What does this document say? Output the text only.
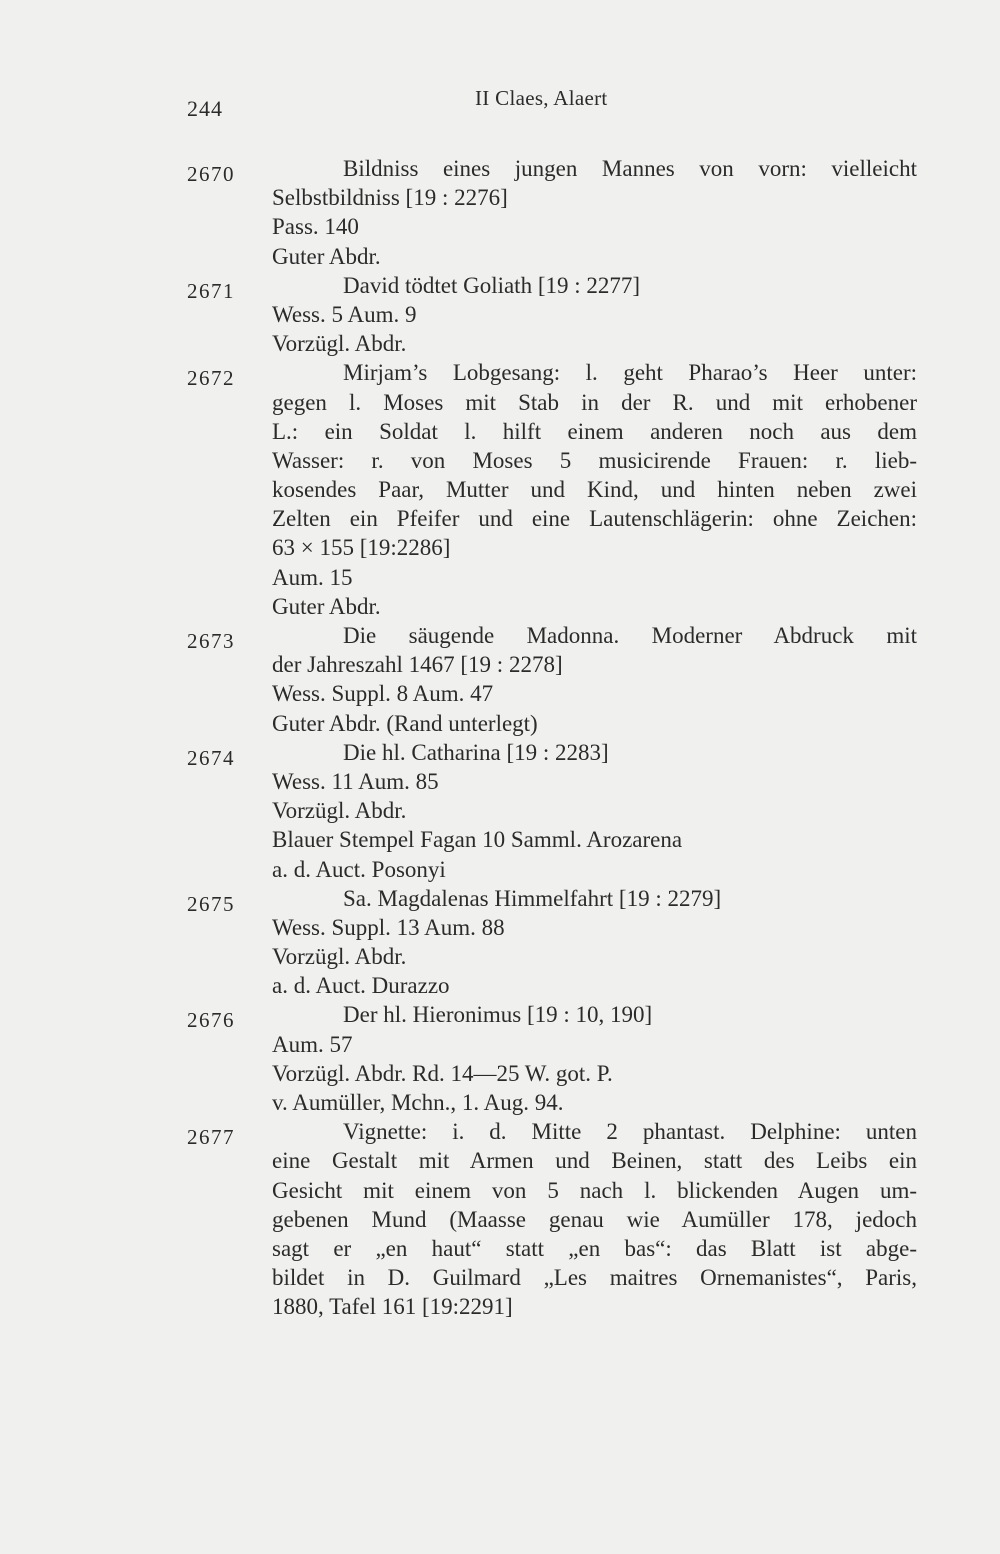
244	II Claes, Alaert
2670	Bildniss eines jungen Mannes von vorn: vielleicht
Selbstbildniss [19 : 2276]
Pass. 140
Guter Abdr.
2671	David tödtet Goliath [19 : 2277]
Wess. 5 Aum. 9
Vorzügl. Abdr.
2672	Mirjam’s Lobgesang: l. geht Pharao’s Heer unter:
gegen l. Moses mit Stab in der R. und mit erhobener
L.: ein Soldat l. hilft einem anderen noch aus dem
Wasser: r. von Moses 5 musicirende Frauen: r. lieb-
kosendes Paar, Mutter und Kind, und hinten neben zwei
Zelten ein Pfeifer und eine Lautenschlägerin: ohne Zeichen:
63 × 155 [19:2286]
Aum. 15
Guter Abdr.
2673	Die säugende Madonna. Moderner Abdruck mit
der Jahreszahl 1467 [19 : 2278]
Wess. Suppl. 8 Aum. 47
Guter Abdr. (Rand unterlegt)
2674	Die hl. Catharina [19 : 2283]
Wess. 11 Aum. 85
Vorzügl. Abdr.
Blauer Stempel Fagan 10 Samml. Arozarena
a. d. Auct. Posonyi
2675	Sa. Magdalenas Himmelfahrt [19 : 2279]
Wess. Suppl. 13 Aum. 88
Vorzügl. Abdr.
a. d. Auct. Durazzo
2676	Der hl. Hieronimus [19 : 10, 190]
Aum. 57
Vorzügl. Abdr. Rd. 14—25 W. got. P.
v. Aumüller, Mchn., 1. Aug. 94.
2677	Vignette: i. d. Mitte 2 phantast. Delphine: unten
eine Gestalt mit Armen und Beinen, statt des Leibs ein
Gesicht mit einem von 5 nach l. blickenden Augen um-
gebenen Mund (Maasse genau wie Aumüller 178, jedoch
sagt er „en haut“ statt „en bas“: das Blatt ist abge-
bildet in D. Guilmard „Les maitres Ornemanistes“, Paris,
1880, Tafel 161 [19:2291]
